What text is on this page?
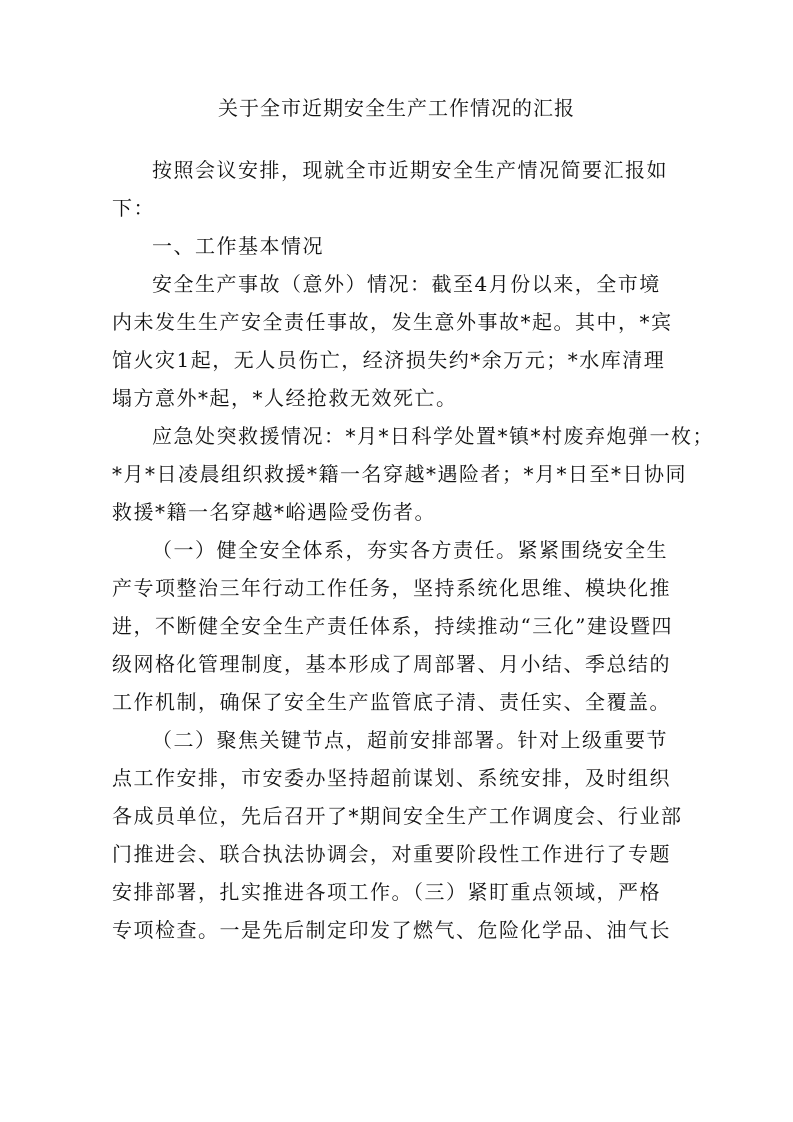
关于全市近期安全生产工作情况的汇报

按照会议安排，现就全市近期安全生产情况简要汇报如
下：

一、工作基本情况

安全生产事故（意外）情况：截至4月份以来，全市境
内未发生生产安全责任事故，发生意外事故*起。其中，*宾
馆火灾1起，无人员伤亡，经济损失约*余万元；*水库清理
塌方意外*起，*人经抢救无效死亡。

应急处突救援情况：*月*日科学处置*镇*村废弃炮弹一枚；
*月*日凌晨组织救援*籍一名穿越*遇险者；*月*日至*日协同
救援*籍一名穿越*峪遇险受伤者。

（一）健全安全体系，夯实各方责任。紧紧围绕安全生
产专项整治三年行动工作任务，坚持系统化思维、模块化推
进，不断健全安全生产责任体系，持续推动“三化”建设暨四
级网格化管理制度，基本形成了周部署、月小结、季总结的
工作机制，确保了安全生产监管底子清、责任实、全覆盖。

（二）聚焦关键节点，超前安排部署。针对上级重要节
点工作安排，市安委办坚持超前谋划、系统安排，及时组织
各成员单位，先后召开了*期间安全生产工作调度会、行业部
门推进会、联合执法协调会，对重要阶段性工作进行了专题
安排部署，扎实推进各项工作。（三）紧盯重点领域，严格
专项检查。一是先后制定印发了燃气、危险化学品、油气长
